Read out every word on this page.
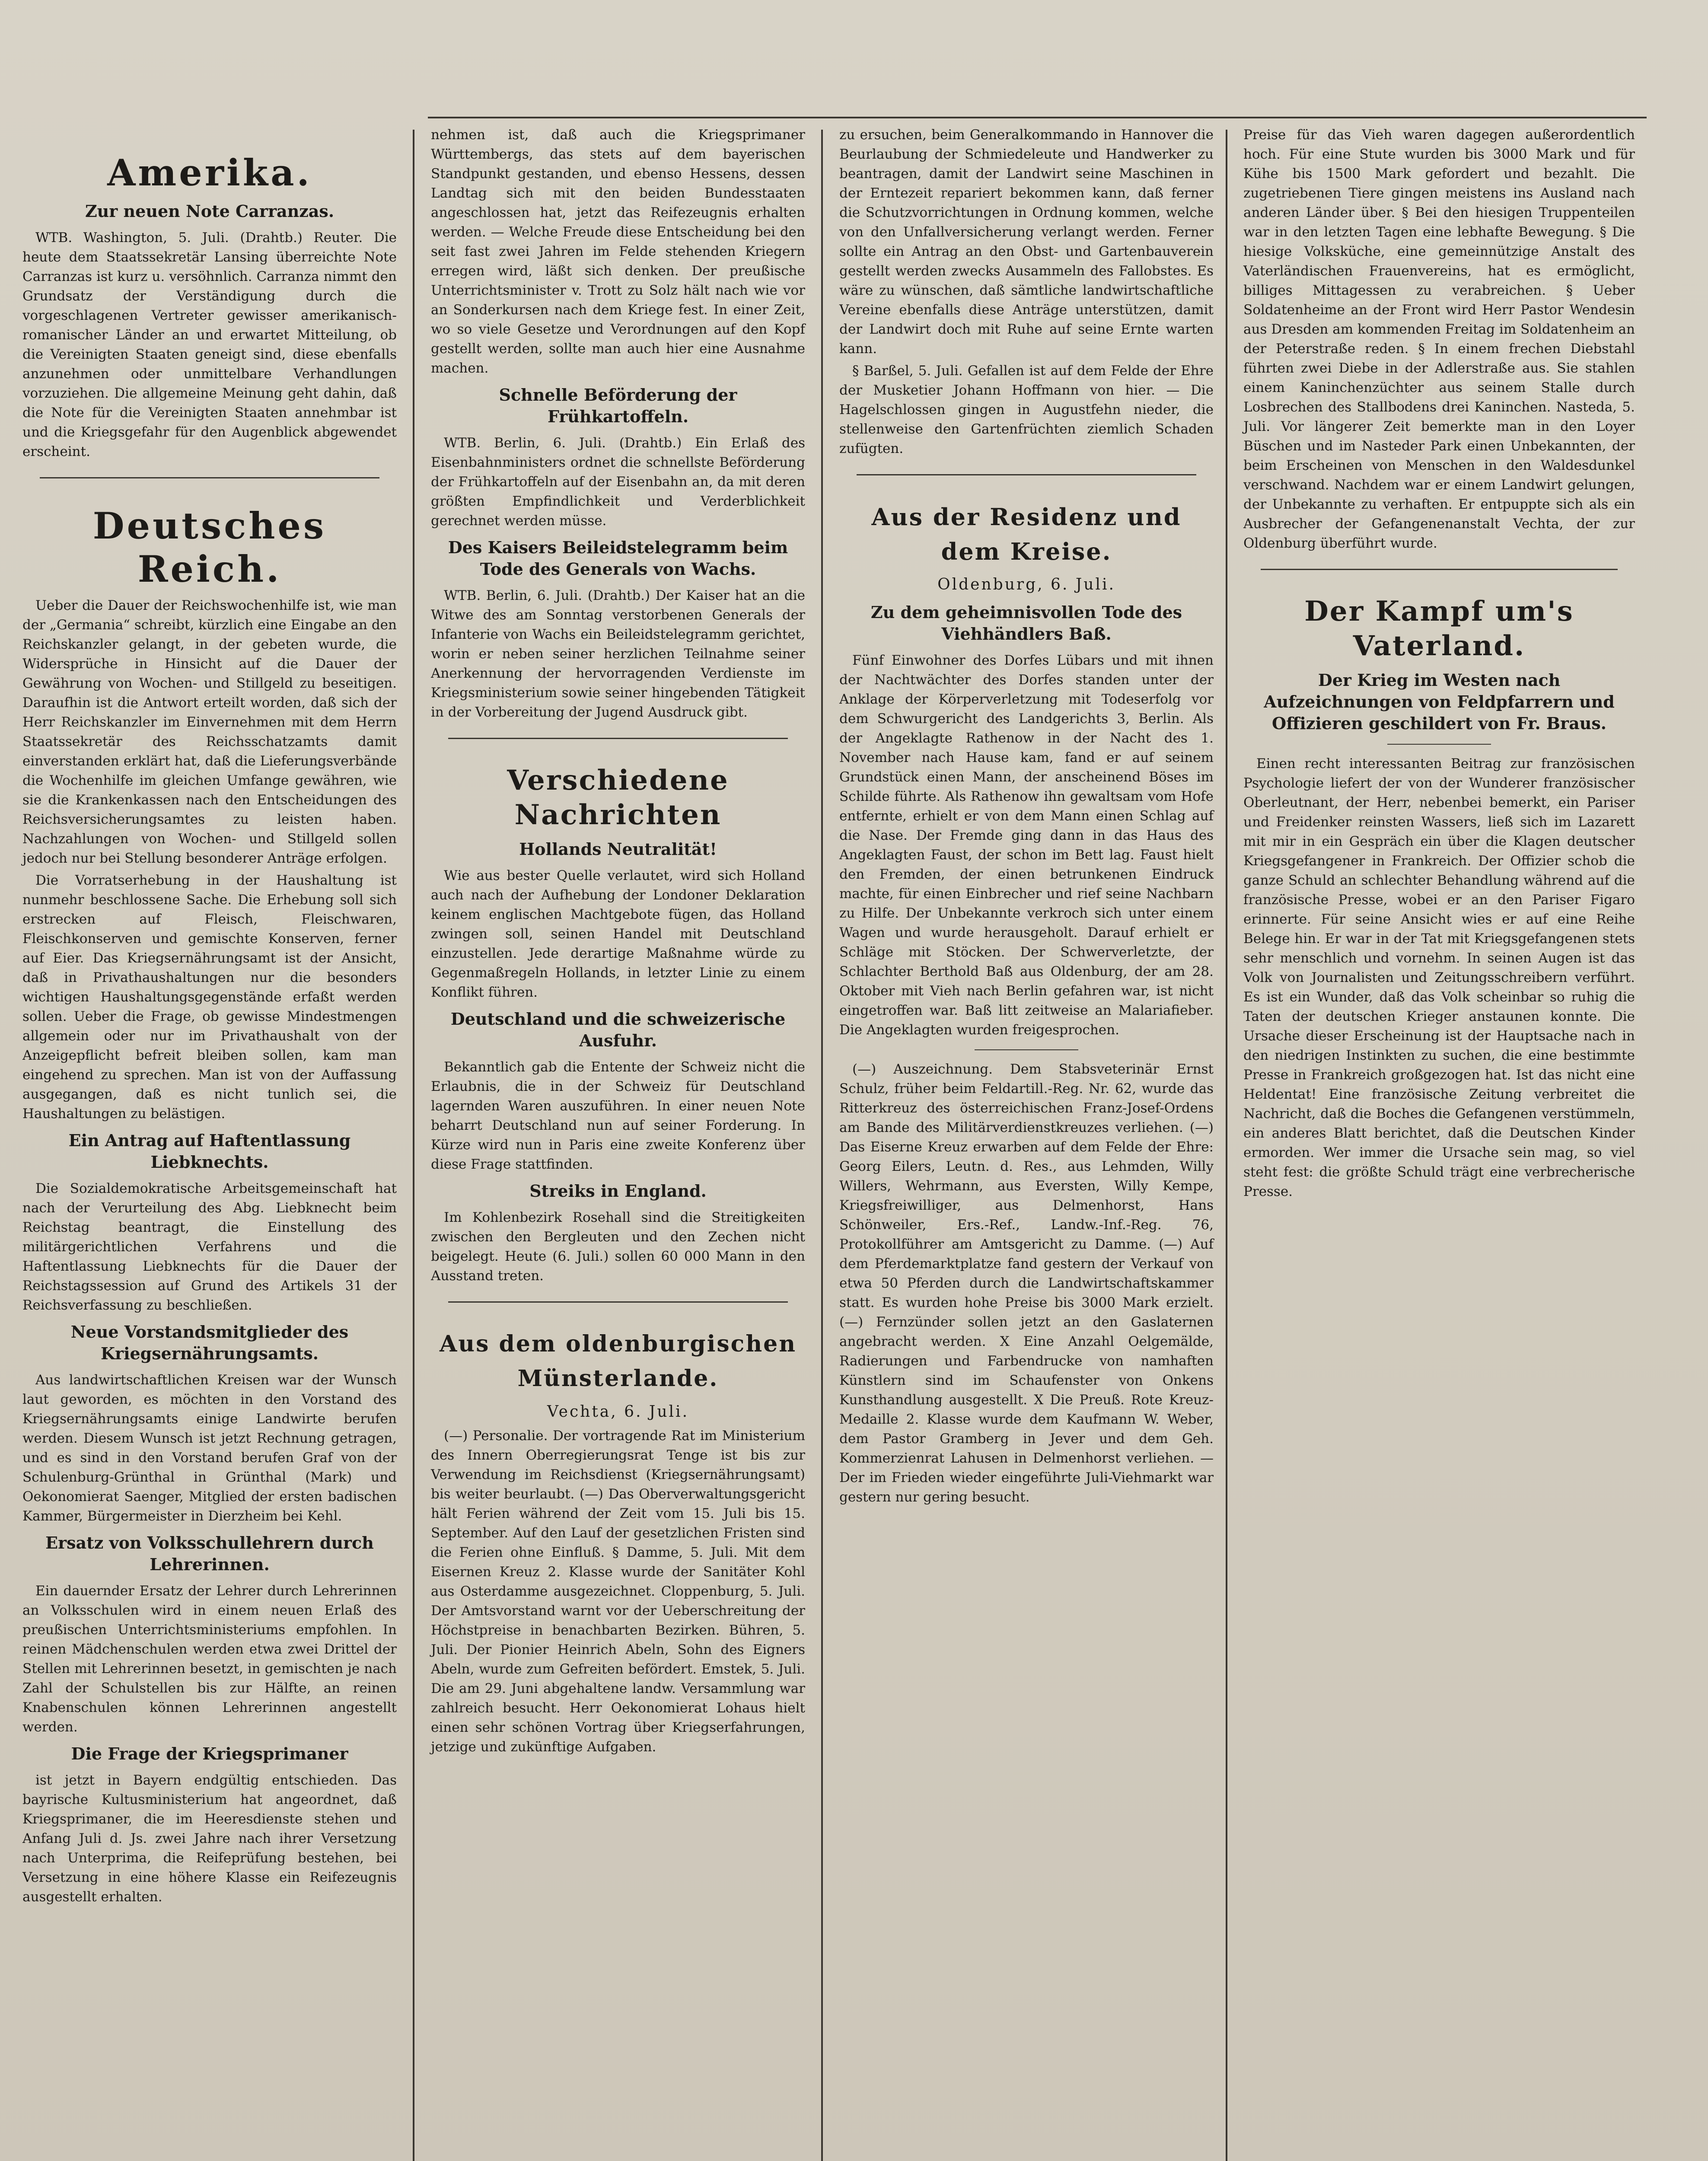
Amerika.
Zur neuen Note Carranzas.

WTB. Washington, 5. Juli. (Drahtb.) Reuter. Die heute dem Staatssekretär Lansing überreichte Note Carranzas ist kurz u. versöhnlich. Carranza nimmt den Grundsatz der Verständigung durch die vorgeschlagenen Vertreter gewisser amerikanisch-romanischer Länder an und erwartet Mitteilung, ob die Vereinigten Staaten geneigt sind, diese ebenfalls anzunehmen oder unmittelbare Verhandlungen vorzuziehen. Die allgemeine Meinung geht dahin, daß die Note für die Vereinigten Staaten annehmbar ist und die Kriegsgefahr für den Augenblick abgewendet erscheint.

Deutsches Reich.

Ueber die Dauer der Reichswochenhilfe ist, wie man der „Germania“ schreibt, kürzlich eine Eingabe an den Reichskanzler gelangt, in der gebeten wurde, die Widersprüche in Hinsicht auf die Dauer der Gewährung von Wochen- und Stillgeld zu beseitigen. Daraufhin ist die Antwort erteilt worden, daß sich der Herr Reichskanzler im Einvernehmen mit dem Herrn Staatssekretär des Reichsschatzamts damit einverstanden erklärt hat, daß die Lieferungsverbände die Wochenhilfe im gleichen Umfange gewähren, wie sie die Krankenkassen nach den Entscheidungen des Reichsversicherungsamtes zu leisten haben. Nachzahlungen von Wochen- und Stillgeld sollen jedoch nur bei Stellung besonderer Anträge erfolgen.

Die Vorratserhebung in der Haushaltung ist nunmehr beschlossene Sache. Die Erhebung soll sich erstrecken auf Fleisch, Fleischwaren, Fleischkonserven und gemischte Konserven, ferner auf Eier. Das Kriegsernährungsamt ist der Ansicht, daß in Privathaushaltungen nur die besonders wichtigen Haushaltungsgegenstände erfaßt werden sollen. Ueber die Frage, ob gewisse Mindestmengen allgemein oder nur im Privathaushalt von der Anzeigepflicht befreit bleiben sollen, kam man eingehend zu sprechen. Man ist von der Auffassung ausgegangen, daß es nicht tunlich sei, die Haushaltungen zu belästigen.

Ein Antrag auf Haftentlassung Liebknechts.

Die Sozialdemokratische Arbeitsgemeinschaft hat nach der Verurteilung des Abg. Liebknecht beim Reichstag beantragt, die Einstellung des militärgerichtlichen Verfahrens und die Haftentlassung Liebknechts für die Dauer der Reichstagssession auf Grund des Artikels 31 der Reichsverfassung zu beschließen.

Neue Vorstandsmitglieder des Kriegsernährungsamts.

Aus landwirtschaftlichen Kreisen war der Wunsch laut geworden, es möchten in den Vorstand des Kriegsernährungsamts einige Landwirte berufen werden. Diesem Wunsch ist jetzt Rechnung getragen, und es sind in den Vorstand berufen Graf von der Schulenburg-Grünthal in Grünthal (Mark) und Oekonomierat Saenger, Mitglied der ersten badischen Kammer, Bürgermeister in Dierzheim bei Kehl.

Ersatz von Volksschullehrern durch Lehrerinnen.

Ein dauernder Ersatz der Lehrer durch Lehrerinnen an Volksschulen wird in einem neuen Erlaß des preußischen Unterrichtsministeriums empfohlen. In reinen Mädchenschulen werden etwa zwei Drittel der Stellen mit Lehrerinnen besetzt, in gemischten je nach Zahl der Schulstellen bis zur Hälfte, an reinen Knabenschulen können Lehrerinnen angestellt werden.

Die Frage der Kriegsprimaner

ist jetzt in Bayern endgültig entschieden. Das bayrische Kultusministerium hat angeordnet, daß Kriegsprimaner, die im Heeresdienste stehen und Anfang Juli d. Js. zwei Jahre nach ihrer Versetzung nach Unterprima, die Reifeprüfung bestehen, bei Versetzung in eine höhere Klasse ein Reifezeugnis ausgestellt erhalten.

nehmen ist, daß auch die Kriegsprimaner Württembergs, das stets auf dem bayerischen Standpunkt gestanden, und ebenso Hessens, dessen Landtag sich mit den beiden Bundesstaaten angeschlossen hat, jetzt das Reifezeugnis erhalten werden. — Welche Freude diese Entscheidung bei den seit fast zwei Jahren im Felde stehenden Kriegern erregen wird, läßt sich denken. Der preußische Unterrichtsminister v. Trott zu Solz hält nach wie vor an Sonderkursen nach dem Kriege fest. In einer Zeit, wo so viele Gesetze und Verordnungen auf den Kopf gestellt werden, sollte man auch hier eine Ausnahme machen.

Schnelle Beförderung der Frühkartoffeln.

WTB. Berlin, 6. Juli. (Drahtb.) Ein Erlaß des Eisenbahnministers ordnet die schnellste Beförderung der Frühkartoffeln auf der Eisenbahn an, da mit deren größten Empfindlichkeit und Verderblichkeit gerechnet werden müsse.

Des Kaisers Beileidstelegramm beim Tode des Generals von Wachs.

WTB. Berlin, 6. Juli. (Drahtb.) Der Kaiser hat an die Witwe des am Sonntag verstorbenen Generals der Infanterie von Wachs ein Beileidstelegramm gerichtet, worin er neben seiner herzlichen Teilnahme seiner Anerkennung der hervorragenden Verdienste im Kriegsministerium sowie seiner hingebenden Tätigkeit in der Vorbereitung der Jugend Ausdruck gibt.

Verschiedene Nachrichten
Hollands Neutralität!

Wie aus bester Quelle verlautet, wird sich Holland auch nach der Aufhebung der Londoner Deklaration keinem englischen Machtgebote fügen, das Holland zwingen soll, seinen Handel mit Deutschland einzustellen. Jede derartige Maßnahme würde zu Gegenmaßregeln Hollands, in letzter Linie zu einem Konflikt führen.

Deutschland und die schweizerische Ausfuhr.

Bekanntlich gab die Entente der Schweiz nicht die Erlaubnis, die in der Schweiz für Deutschland lagernden Waren auszuführen. In einer neuen Note beharrt Deutschland nun auf seiner Forderung. In Kürze wird nun in Paris eine zweite Konferenz über diese Frage stattfinden.

Streiks in England.

Im Kohlenbezirk Rosehall sind die Streitigkeiten zwischen den Bergleuten und den Zechen nicht beigelegt. Heute (6. Juli.) sollen 60 000 Mann in den Ausstand treten.

Aus dem oldenburgischen Münsterlande.
Vechta, 6. Juli.

(—) Personalie. Der vortragende Rat im Ministerium des Innern Oberregierungsrat Tenge ist bis zur Verwendung im Reichsdienst (Kriegsernährungsamt) bis weiter beurlaubt. (—) Das Oberverwaltungsgericht hält Ferien während der Zeit vom 15. Juli bis 15. September. Auf den Lauf der gesetzlichen Fristen sind die Ferien ohne Einfluß. § Damme, 5. Juli. Mit dem Eisernen Kreuz 2. Klasse wurde der Sanitäter Kohl aus Osterdamme ausgezeichnet. Cloppenburg, 5. Juli. Der Amtsvorstand warnt vor der Ueberschreitung der Höchstpreise in benachbarten Bezirken. Bühren, 5. Juli. Der Pionier Heinrich Abeln, Sohn des Eigners Abeln, wurde zum Gefreiten befördert. Emstek, 5. Juli. Die am 29. Juni abgehaltene landw. Versammlung war zahlreich besucht. Herr Oekonomierat Lohaus hielt einen sehr schönen Vortrag über Kriegserfahrungen, jetzige und zukünftige Aufgaben.

zu ersuchen, beim Generalkommando in Hannover die Beurlaubung der Schmiedeleute und Handwerker zu beantragen, damit der Landwirt seine Maschinen in der Erntezeit repariert bekommen kann, daß ferner die Schutzvorrichtungen in Ordnung kommen, welche von den Unfallversicherung verlangt werden. Ferner sollte ein Antrag an den Obst- und Gartenbauverein gestellt werden zwecks Ausammeln des Fallobstes. Es wäre zu wünschen, daß sämtliche landwirtschaftliche Vereine ebenfalls diese Anträge unterstützen, damit der Landwirt doch mit Ruhe auf seine Ernte warten kann.

§ Barßel, 5. Juli. Gefallen ist auf dem Felde der Ehre der Musketier Johann Hoffmann von hier. — Die Hagelschlossen gingen in Augustfehn nieder, die stellenweise den Gartenfrüchten ziemlich Schaden zufügten.

Aus der Residenz und dem Kreise.
Oldenburg, 6. Juli.
Zu dem geheimnisvollen Tode des Viehhändlers Baß.

Fünf Einwohner des Dorfes Lübars und mit ihnen der Nachtwächter des Dorfes standen unter der Anklage der Körperverletzung mit Todeserfolg vor dem Schwurgericht des Landgerichts 3, Berlin. Als der Angeklagte Rathenow in der Nacht des 1. November nach Hause kam, fand er auf seinem Grundstück einen Mann, der anscheinend Böses im Schilde führte. Als Rathenow ihn gewaltsam vom Hofe entfernte, erhielt er von dem Mann einen Schlag auf die Nase. Der Fremde ging dann in das Haus des Angeklagten Faust, der schon im Bett lag. Faust hielt den Fremden, der einen betrunkenen Eindruck machte, für einen Einbrecher und rief seine Nachbarn zu Hilfe. Der Unbekannte verkroch sich unter einem Wagen und wurde herausgeholt. Darauf erhielt er Schläge mit Stöcken. Der Schwerverletzte, der Schlachter Berthold Baß aus Oldenburg, der am 28. Oktober mit Vieh nach Berlin gefahren war, ist nicht eingetroffen war. Baß litt zeitweise an Malariafieber. Die Angeklagten wurden freigesprochen.

(—) Auszeichnung. Dem Stabsveterinär Ernst Schulz, früher beim Feldartill.-Reg. Nr. 62, wurde das Ritterkreuz des österreichischen Franz-Josef-Ordens am Bande des Militärverdienstkreuzes verliehen. (—) Das Eiserne Kreuz erwarben auf dem Felde der Ehre: Georg Eilers, Leutn. d. Res., aus Lehmden, Willy Willers, Wehrmann, aus Eversten, Willy Kempe, Kriegsfreiwilliger, aus Delmenhorst, Hans Schönweiler, Ers.-Ref., Landw.-Inf.-Reg. 76, Protokollführer am Amtsgericht zu Damme. (—) Auf dem Pferdemarktplatze fand gestern der Verkauf von etwa 50 Pferden durch die Landwirtschaftskammer statt. Es wurden hohe Preise bis 3000 Mark erzielt. (—) Fernzünder sollen jetzt an den Gaslaternen angebracht werden. X Eine Anzahl Oelgemälde, Radierungen und Farbendrucke von namhaften Künstlern sind im Schaufenster von Onkens Kunsthandlung ausgestellt. X Die Preuß. Rote Kreuz-Medaille 2. Klasse wurde dem Kaufmann W. Weber, dem Pastor Gramberg in Jever und dem Geh. Kommerzienrat Lahusen in Delmenhorst verliehen. — Der im Frieden wieder eingeführte Juli-Viehmarkt war gestern nur gering besucht.

Preise für das Vieh waren dagegen außerordentlich hoch. Für eine Stute wurden bis 3000 Mark und für Kühe bis 1500 Mark gefordert und bezahlt. Die zugetriebenen Tiere gingen meistens ins Ausland nach anderen Länder über. § Bei den hiesigen Truppenteilen war in den letzten Tagen eine lebhafte Bewegung. § Die hiesige Volksküche, eine gemeinnützige Anstalt des Vaterländischen Frauenvereins, hat es ermöglicht, billiges Mittagessen zu verabreichen. § Ueber Soldatenheime an der Front wird Herr Pastor Wendesin aus Dresden am kommenden Freitag im Soldatenheim an der Peterstraße reden. § In einem frechen Diebstahl führten zwei Diebe in der Adlerstraße aus. Sie stahlen einem Kaninchenzüchter aus seinem Stalle durch Losbrechen des Stallbodens drei Kaninchen. Nasteda, 5. Juli. Vor längerer Zeit bemerkte man in den Loyer Büschen und im Nasteder Park einen Unbekannten, der beim Erscheinen von Menschen in den Waldesdunkel verschwand. Nachdem war er einem Landwirt gelungen, der Unbekannte zu verhaften. Er entpuppte sich als ein Ausbrecher der Gefangenenanstalt Vechta, der zur Oldenburg überführt wurde.

Der Kampf um's Vaterland.
Der Krieg im Westen nach Aufzeichnungen von Feldpfarrern und Offizieren geschildert von Fr. Braus.

Einen recht interessanten Beitrag zur französischen Psychologie liefert der von der Wunderer französischer Oberleutnant, der Herr, nebenbei bemerkt, ein Pariser und Freidenker reinsten Wassers, ließ sich im Lazarett mit mir in ein Gespräch ein über die Klagen deutscher Kriegsgefangener in Frankreich. Der Offizier schob die ganze Schuld an schlechter Behandlung während auf die französische Presse, wobei er an den Pariser Figaro erinnerte. Für seine Ansicht wies er auf eine Reihe Belege hin. Er war in der Tat mit Kriegsgefangenen stets sehr menschlich und vornehm. In seinen Augen ist das Volk von Journalisten und Zeitungsschreibern verführt. Es ist ein Wunder, daß das Volk scheinbar so ruhig die Taten der deutschen Krieger anstaunen konnte. Die Ursache dieser Erscheinung ist der Hauptsache nach in den niedrigen Instinkten zu suchen, die eine bestimmte Presse in Frankreich großgezogen hat. Ist das nicht eine Heldentat! Eine französische Zeitung verbreitet die Nachricht, daß die Boches die Gefangenen verstümmeln, ein anderes Blatt berichtet, daß die Deutschen Kinder ermorden. Wer immer die Ursache sein mag, so viel steht fest: die größte Schuld trägt eine verbrecherische Presse.
